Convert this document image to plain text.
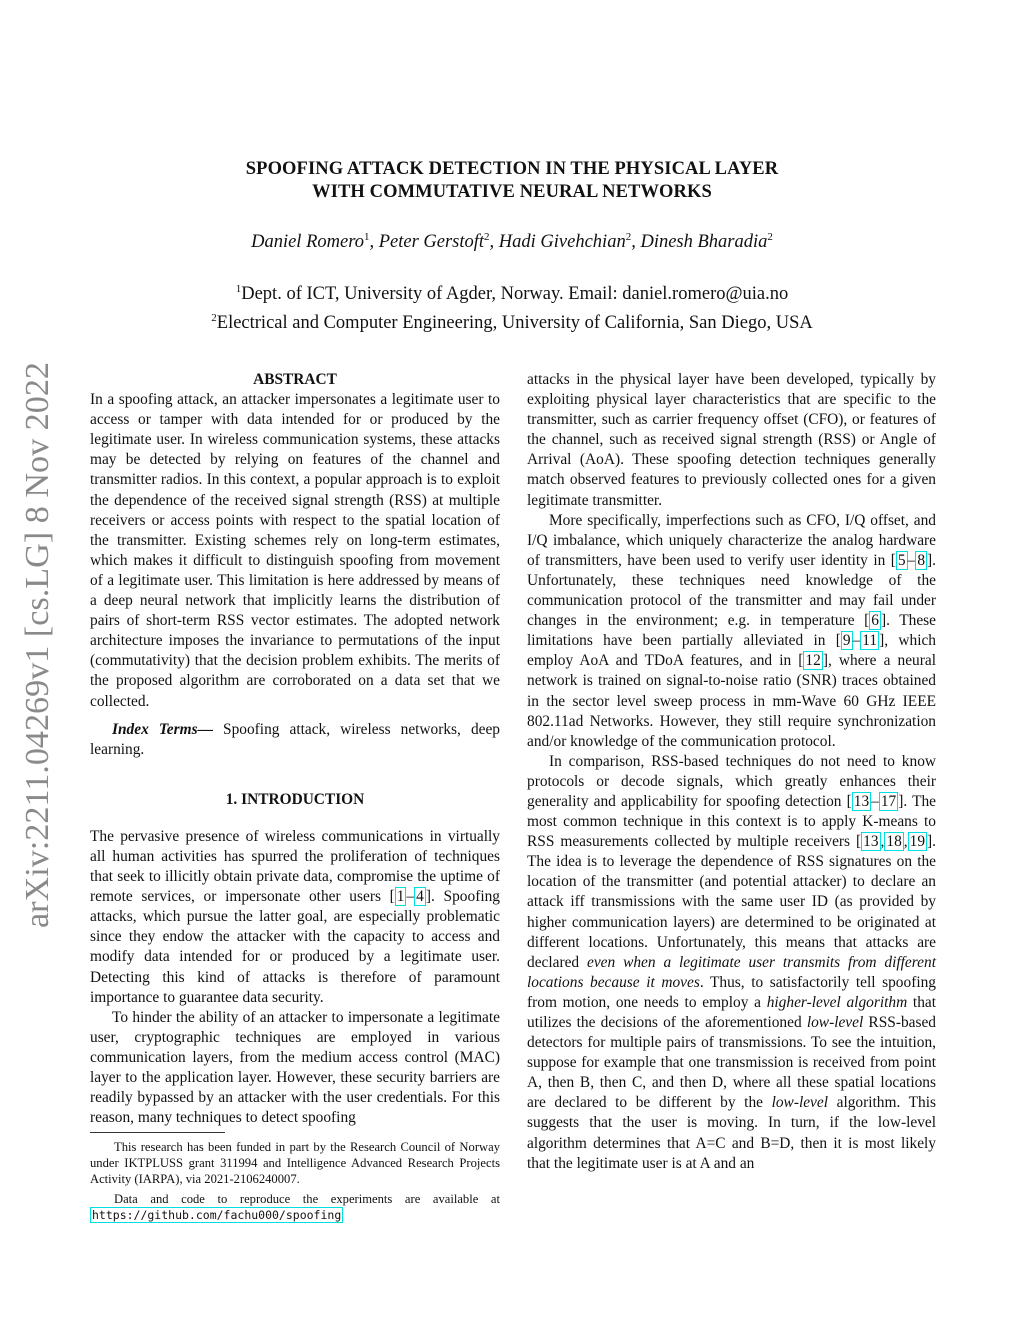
arXiv:2211.04269v1 [cs.LG] 8 Nov 2022
SPOOFING ATTACK DETECTION IN THE PHYSICAL LAYER
WITH COMMUTATIVE NEURAL NETWORKS
Daniel Romero$^1$, Peter Gerstoft$^2$, Hadi Givehchian$^2$, Dinesh Bharadia$^2$
$^1$Dept. of ICT, University of Agder, Norway. Email: daniel.romero@uia.no
$^2$Electrical and Computer Engineering, University of California, San Diego, USA

ABSTRACT

In a spoofing attack, an attacker impersonates a legitimate user to access or tamper with data intended for or produced by the legitimate user. In wireless communication systems, these attacks may be detected by relying on features of the channel and transmitter radios. In this context, a popular approach is to exploit the dependence of the received signal strength (RSS) at multiple receivers or access points with respect to the spatial location of the transmitter. Existing schemes rely on long-term estimates, which makes it difficult to distinguish spoofing from movement of a legitimate user. This limitation is here addressed by means of a deep neural network that implicitly learns the distribution of pairs of short-term RSS vector estimates. The adopted network architecture imposes the invariance to permutations of the input (commutativity) that the decision problem exhibits. The merits of the proposed algorithm are corroborated on a data set that we collected.

Index Terms— Spoofing attack, wireless networks, deep learning.

1. INTRODUCTION

The pervasive presence of wireless communications in virtually all human activities has spurred the proliferation of techniques that seek to illicitly obtain private data, compromise the uptime of remote services, or impersonate other users [ 1 – 4 ]. Spoofing attacks, which pursue the latter goal, are especially problematic since they endow the attacker with the capacity to access and modify data intended for or produced by a legitimate user. Detecting this kind of attacks is therefore of paramount importance to guarantee data security.

To hinder the ability of an attacker to impersonate a legitimate user, cryptographic techniques are employed in various communication layers, from the medium access control (MAC) layer to the application layer. However, these security barriers are readily bypassed by an attacker with the user credentials. For this reason, many techniques to detect spoofing

This research has been funded in part by the Research Council of Norway under IKTPLUSS grant 311994 and Intelligence Advanced Research Projects Activity (IARPA), via 2021-2106240007.

Data and code to reproduce the experiments are available at https://github.com/fachu000/spoofing

attacks in the physical layer have been developed, typically by exploiting physical layer characteristics that are specific to the transmitter, such as carrier frequency offset (CFO), or features of the channel, such as received signal strength (RSS) or Angle of Arrival (AoA). These spoofing detection techniques generally match observed features to previously collected ones for a given legitimate transmitter.

More specifically, imperfections such as CFO, I/Q offset, and I/Q imbalance, which uniquely characterize the analog hardware of transmitters, have been used to verify user identity in [ 5 – 8 ]. Unfortunately, these techniques need knowledge of the communication protocol of the transmitter and may fail under changes in the environment; e.g. in temperature [ 6 ]. These limitations have been partially alleviated in [ 9 – 11 ], which employ AoA and TDoA features, and in [ 12 ], where a neural network is trained on signal-to-noise ratio (SNR) traces obtained in the sector level sweep process in mm-Wave 60 GHz IEEE 802.11ad Networks. However, they still require synchronization and/or knowledge of the communication protocol.

In comparison, RSS-based techniques do not need to know protocols or decode signals, which greatly enhances their generality and applicability for spoofing detection [ 13 – 17 ]. The most common technique in this context is to apply K-means to RSS measurements collected by multiple receivers [ 13 , 18 , 19 ]. The idea is to leverage the dependence of RSS signatures on the location of the transmitter (and potential attacker) to declare an attack iff transmissions with the same user ID (as provided by higher communication layers) are determined to be originated at different locations. Unfortunately, this means that attacks are declared even when a legitimate user transmits from different locations because it moves. Thus, to satisfactorily tell spoofing from motion, one needs to employ a higher-level algorithm that utilizes the decisions of the aforementioned low-level RSS-based detectors for multiple pairs of transmissions. To see the intuition, suppose for example that one transmission is received from point A, then B, then C, and then D, where all these spatial locations are declared to be different by the low-level algorithm. This suggests that the user is moving. In turn, if the low-level algorithm determines that A=C and B=D, then it is most likely that the legitimate user is at A and an
